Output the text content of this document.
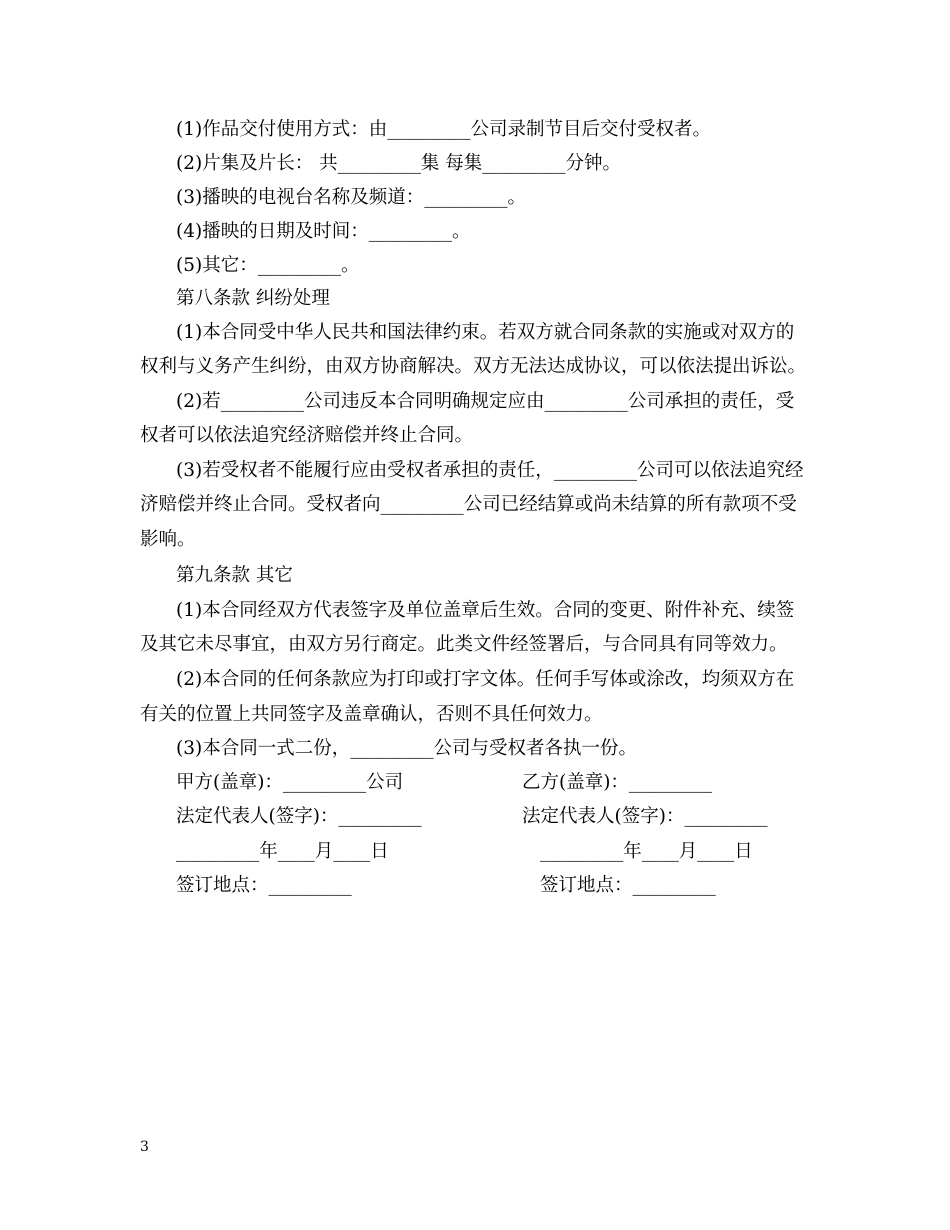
(1)作品交付使用方式：由_________公司录制节目后交付受权者。
(2)片集及片长： 共_________集 每集_________分钟。
(3)播映的电视台名称及频道：_________。
(4)播映的日期及时间：_________。
(5)其它：_________。
第八条款 纠纷处理
(1)本合同受中华人民共和国法律约束。若双方就合同条款的实施或对双方的
权利与义务产生纠纷，由双方协商解决。双方无法达成协议，可以依法提出诉讼。
(2)若_________公司违反本合同明确规定应由_________公司承担的责任，受
权者可以依法追究经济赔偿并终止合同。
(3)若受权者不能履行应由受权者承担的责任，_________公司可以依法追究经
济赔偿并终止合同。受权者向_________公司已经结算或尚未结算的所有款项不受
影响。
第九条款 其它
(1)本合同经双方代表签字及单位盖章后生效。合同的变更、附件补充、续签
及其它未尽事宜，由双方另行商定。此类文件经签署后，与合同具有同等效力。
(2)本合同的任何条款应为打印或打字文体。任何手写体或涂改，均须双方在
有关的位置上共同签字及盖章确认，否则不具任何效力。
(3)本合同一式二份，_________公司与受权者各执一份。
甲方(盖章)：_________公司	乙方(盖章)：_________
法定代表人(签字)：_________	法定代表人(签字)：_________
_________年____月____日	_________年____月____日
签订地点：_________	签订地点：_________
3
